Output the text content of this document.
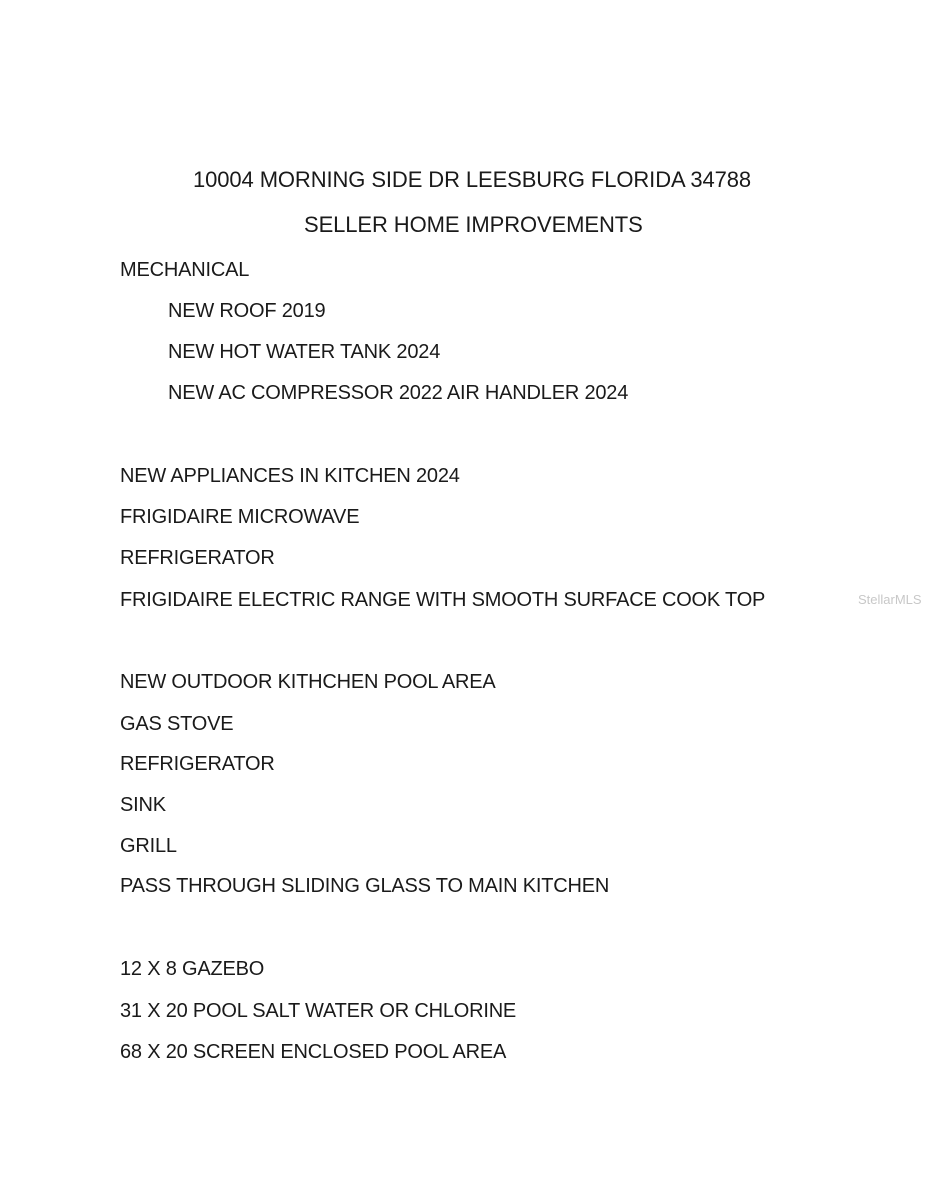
10004 MORNING SIDE DR LEESBURG FLORIDA 34788
SELLER HOME IMPROVEMENTS
MECHANICAL
NEW ROOF 2019
NEW HOT WATER TANK 2024
NEW AC COMPRESSOR 2022 AIR HANDLER 2024
NEW APPLIANCES IN KITCHEN 2024
FRIGIDAIRE MICROWAVE
REFRIGERATOR
FRIGIDAIRE ELECTRIC RANGE WITH SMOOTH SURFACE COOK TOP	StellarMLS
NEW OUTDOOR KITHCHEN POOL AREA
GAS STOVE
REFRIGERATOR
SINK
GRILL
PASS THROUGH SLIDING GLASS TO MAIN KITCHEN
12 X 8 GAZEBO
31 X 20 POOL SALT WATER OR CHLORINE
68 X 20 SCREEN ENCLOSED POOL AREA
